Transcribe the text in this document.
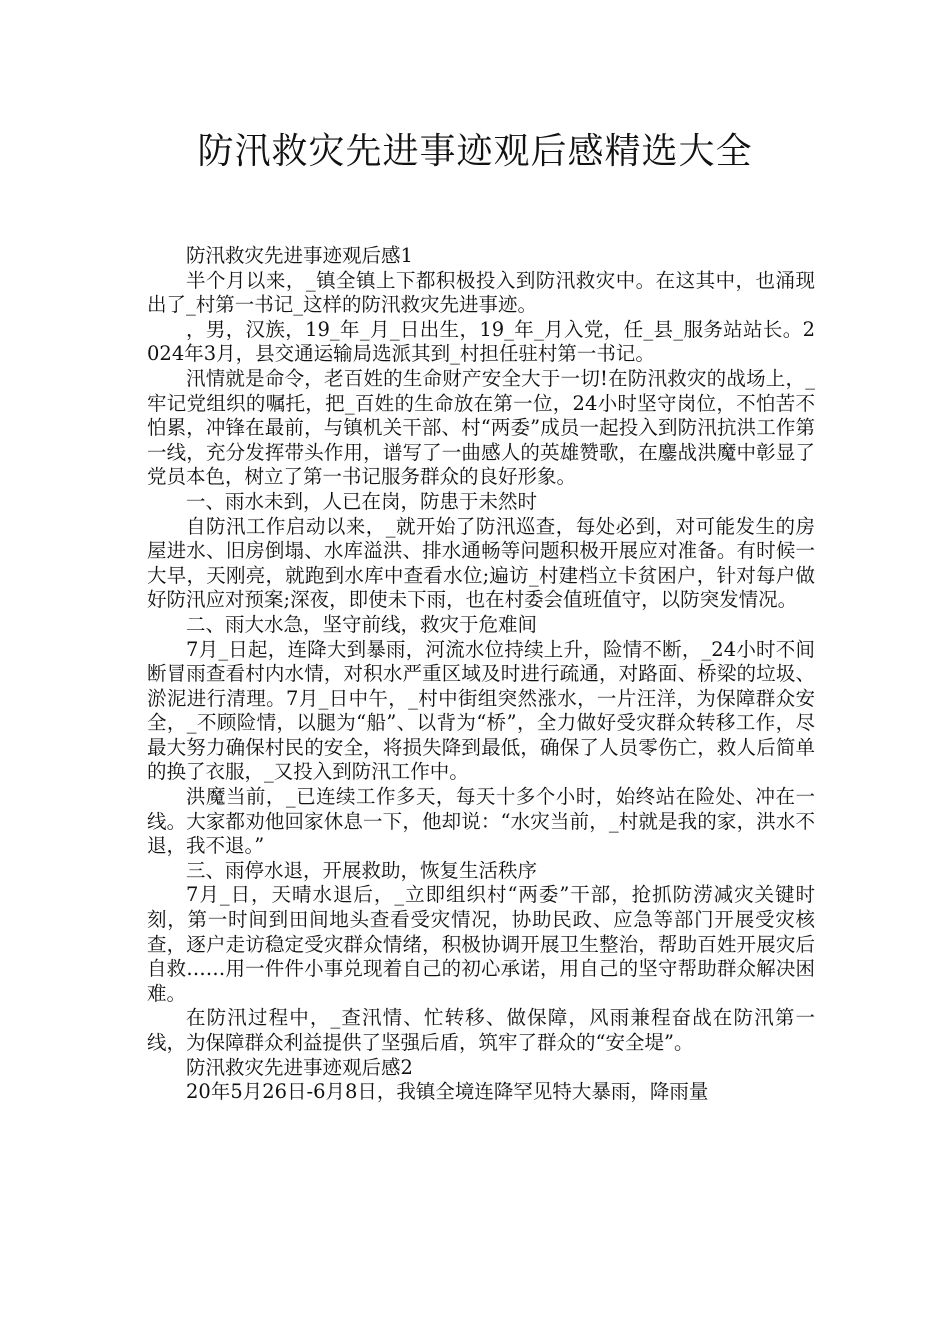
防汛救灾先进事迹观后感精选大全

防汛救灾先进事迹观后感1

半个月以来，_镇全镇上下都积极投入到防汛救灾中。在这其中，也涌现出了_村第一书记_这样的防汛救灾先进事迹。

，男，汉族，19_年_月_日出生，19_年_月入党，任_县_服务站站长。2024年3月，县交通运输局选派其到_村担任驻村第一书记。

汛情就是命令，老百姓的生命财产安全大于一切!在防汛救灾的战场上，_牢记党组织的嘱托，把_百姓的生命放在第一位，24小时坚守岗位，不怕苦不怕累，冲锋在最前，与镇机关干部、村“两委”成员一起投入到防汛抗洪工作第一线，充分发挥带头作用，谱写了一曲感人的英雄赞歌，在鏖战洪魔中彰显了党员本色，树立了第一书记服务群众的良好形象。

一、雨水未到，人已在岗，防患于未然时

自防汛工作启动以来，_就开始了防汛巡查，每处必到，对可能发生的房屋进水、旧房倒塌、水库溢洪、排水通畅等问题积极开展应对准备。有时候一大早，天刚亮，就跑到水库中查看水位;遍访_村建档立卡贫困户，针对每户做好防汛应对预案;深夜，即使未下雨，也在村委会值班值守，以防突发情况。

二、雨大水急，坚守前线，救灾于危难间

7月_日起，连降大到暴雨，河流水位持续上升，险情不断，_24小时不间断冒雨查看村内水情，对积水严重区域及时进行疏通，对路面、桥梁的垃圾、淤泥进行清理。7月_日中午，_村中街组突然涨水，一片汪洋，为保障群众安全，_不顾险情，以腿为“船”、以背为“桥”，全力做好受灾群众转移工作，尽最大努力确保村民的安全，将损失降到最低，确保了人员零伤亡，救人后简单的换了衣服，_又投入到防汛工作中。

洪魔当前，_已连续工作多天，每天十多个小时，始终站在险处、冲在一线。大家都劝他回家休息一下，他却说：“水灾当前，_村就是我的家，洪水不退，我不退。”

三、雨停水退，开展救助，恢复生活秩序

7月_日，天晴水退后，_立即组织村“两委”干部，抢抓防涝减灾关键时刻，第一时间到田间地头查看受灾情况，协助民政、应急等部门开展受灾核查，逐户走访稳定受灾群众情绪，积极协调开展卫生整治，帮助百姓开展灾后自救……用一件件小事兑现着自己的初心承诺，用自己的坚守帮助群众解决困难。

在防汛过程中，_查汛情、忙转移、做保障，风雨兼程奋战在防汛第一线，为保障群众利益提供了坚强后盾，筑牢了群众的“安全堤”。

防汛救灾先进事迹观后感2

20年5月26日-6月8日，我镇全境连降罕见特大暴雨，降雨量
